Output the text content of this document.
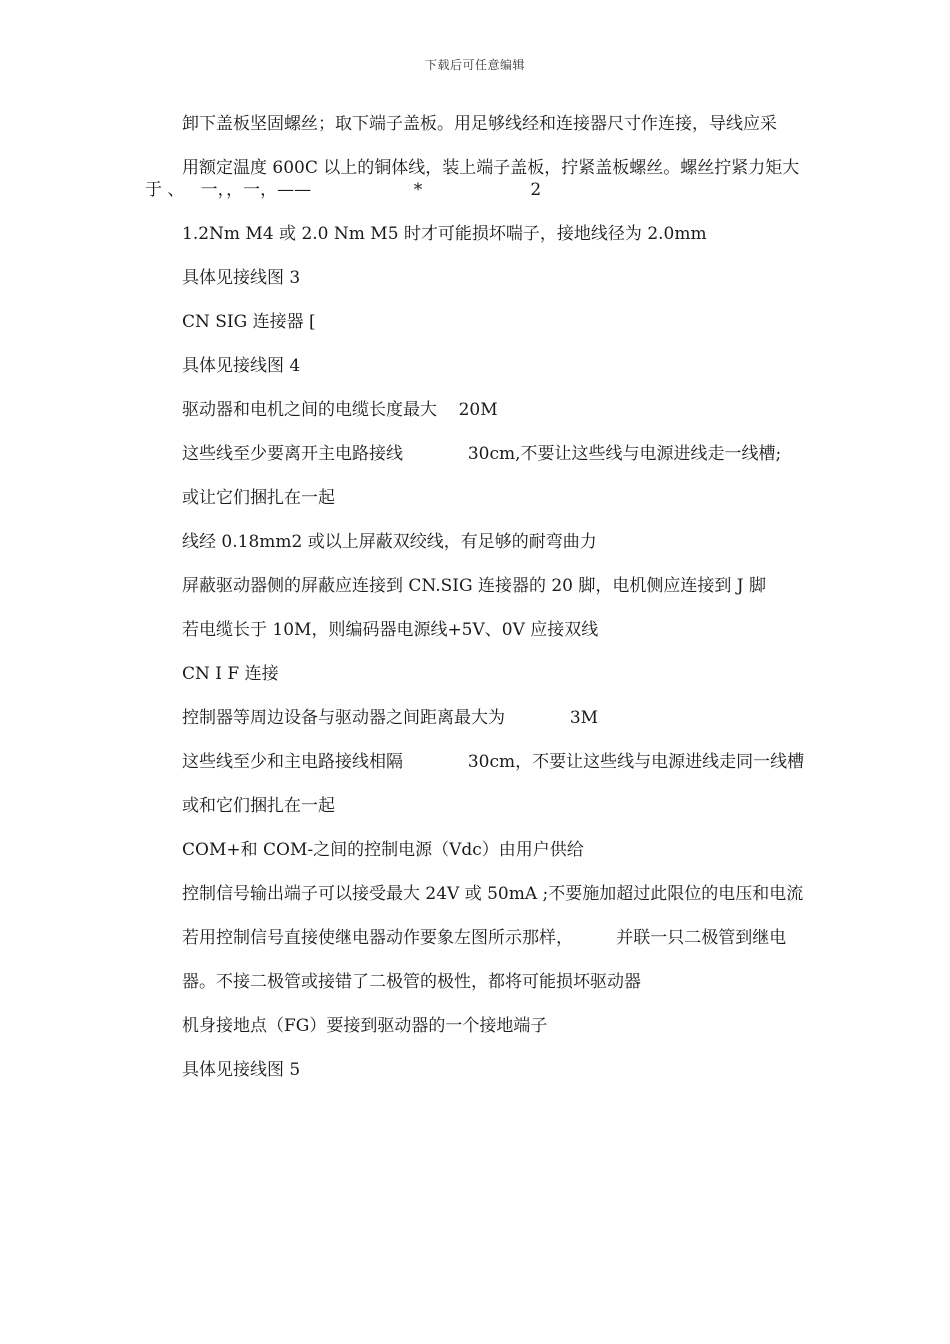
下载后可任意编辑

卸下盖板坚固螺丝；取下端子盖板。用足够线经和连接器尺寸作连接，导线应采

用额定温度 600C 以上的铜体线，装上端子盖板，拧紧盖板螺丝。螺丝拧紧力矩大于 、   一，，一，——                   *                    2

1.2Nm M4 或 2.0 Nm M5 时才可能损坏喘子，接地线径为 2.0mm

具体见接线图 3

CN SIG 连接器 [

具体见接线图 4

驱动器和电机之间的电缆长度最大    20M

这些线至少要离开主电路接线            30cm,不要让这些线与电源进线走一线槽;

或让它们捆扎在一起

线经 0.18mm2 或以上屏蔽双绞线，有足够的耐弯曲力

屏蔽驱动器侧的屏蔽应连接到 CN.SIG 连接器的 20 脚，电机侧应连接到 J 脚

若电缆长于 10M，则编码器电源线+5V、0V 应接双线

CN I F 连接

控制器等周边设备与驱动器之间距离最大为            3M

这些线至少和主电路接线相隔            30cm，不要让这些线与电源进线走同一线槽

或和它们捆扎在一起

COM+和 COM-之间的控制电源（Vdc）由用户供给

控制信号输出端子可以接受最大 24V 或 50mA ;不要施加超过此限位的电压和电流

若用控制信号直接使继电器动作要象左图所示那样，        并联一只二极管到继电

器。不接二极管或接错了二极管的极性，都将可能损坏驱动器

机身接地点（FG）要接到驱动器的一个接地端子

具体见接线图 5
